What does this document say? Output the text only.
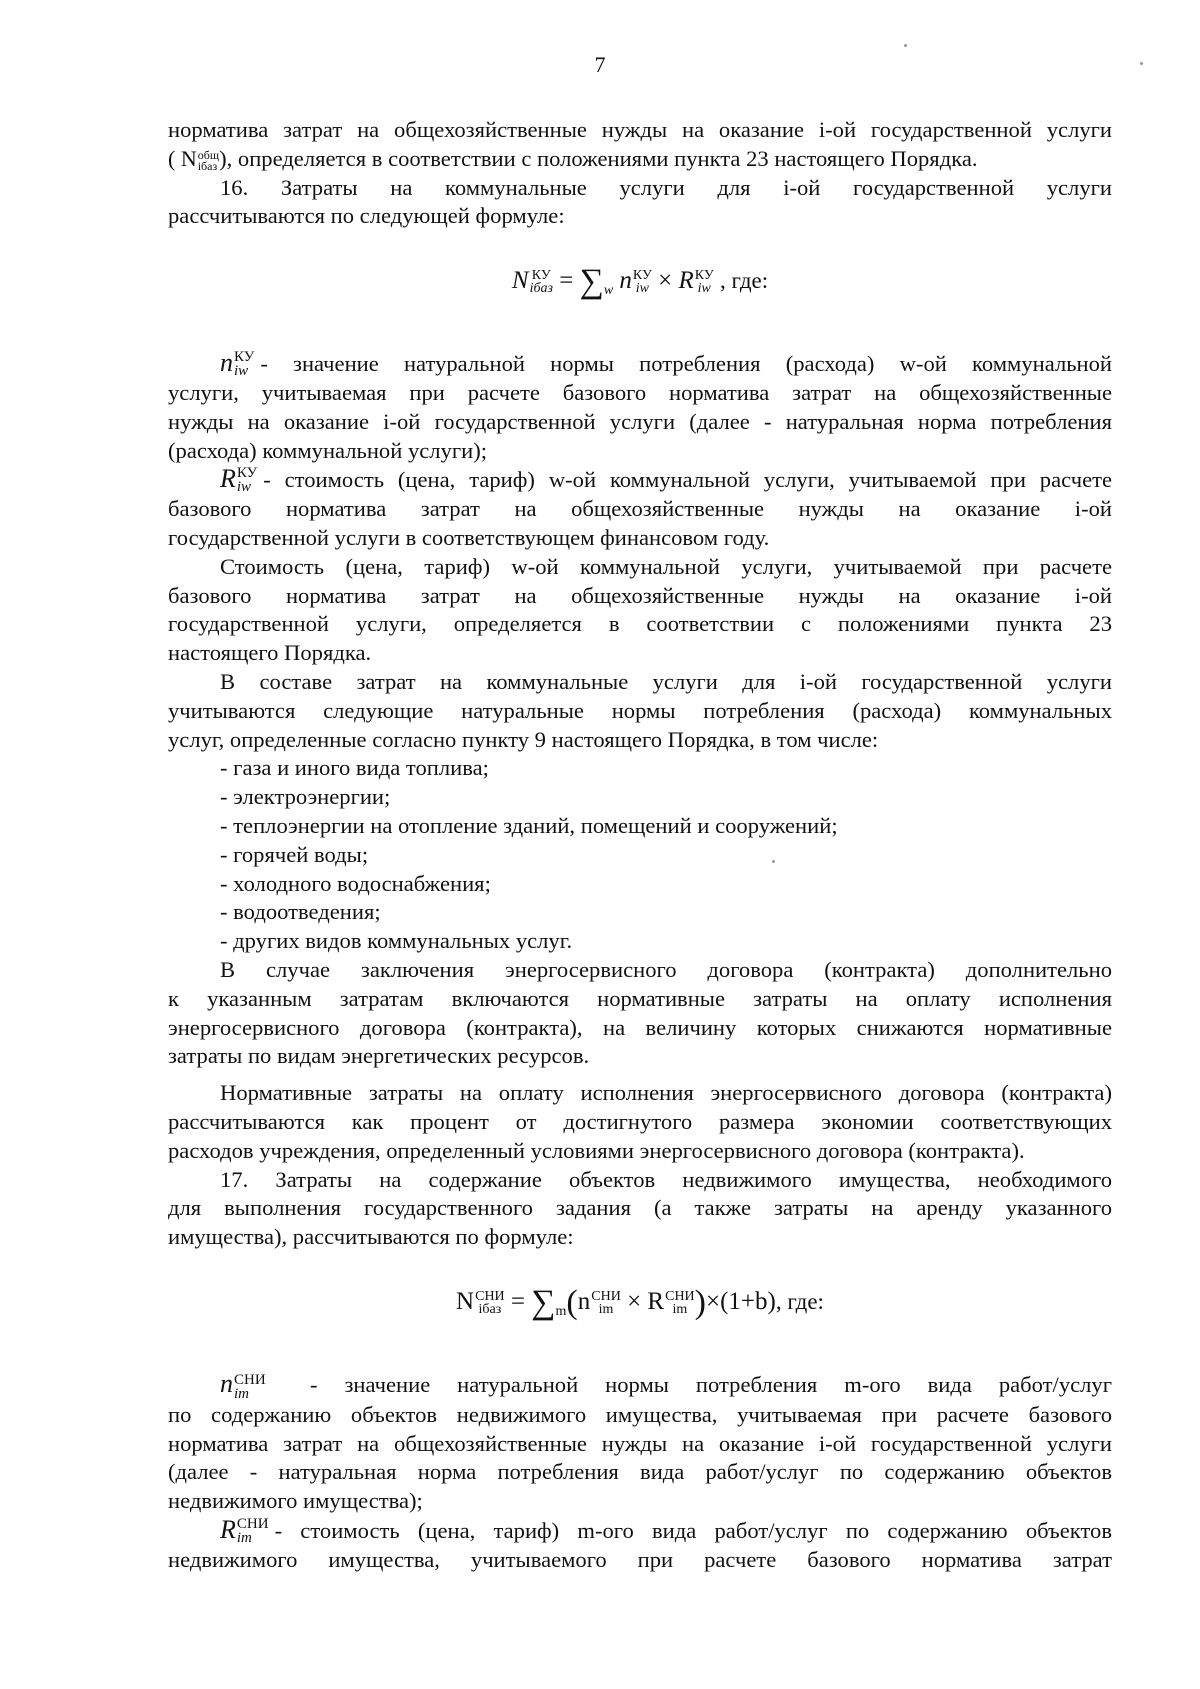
7

норматива затрат на общехозяйственные нужды на оказание i-ой государственной услуги

( N общ
iбаз ), определяется в соответствии с положениями пункта 23 настоящего Порядка.

16. Затраты на коммунальные услуги для i-ой государственной услуги

рассчитываются по следующей формуле:

N КУ
iбаз = $\sum_w$ n КУ
iw × R КУ
iw , где:

n КУ
iw - значение натуральной нормы потребления (расхода) w-ой коммунальной

услуги, учитываемая при расчете базового норматива затрат на общехозяйственные

нужды на оказание i-ой государственной услуги (далее - натуральная норма потребления

(расхода) коммунальной услуги);

R КУ
iw - стоимость (цена, тариф) w-ой коммунальной услуги, учитываемой при расчете

базового норматива затрат на общехозяйственные нужды на оказание i-ой

государственной услуги в соответствующем финансовом году.

Стоимость (цена, тариф) w-ой коммунальной услуги, учитываемой при расчете

базового норматива затрат на общехозяйственные нужды на оказание i-ой

государственной услуги, определяется в соответствии с положениями пункта 23

настоящего Порядка.

В составе затрат на коммунальные услуги для i-ой государственной услуги

учитываются следующие натуральные нормы потребления (расхода) коммунальных

услуг, определенные согласно пункту 9 настоящего Порядка, в том числе:

- газа и иного вида топлива;

- электроэнергии;

- теплоэнергии на отопление зданий, помещений и сооружений;

- горячей воды;

- холодного водоснабжения;

- водоотведения;

- других видов коммунальных услуг.

В случае заключения энергосервисного договора (контракта) дополнительно

к указанным затратам включаются нормативные затраты на оплату исполнения

энергосервисного договора (контракта), на величину которых снижаются нормативные

затраты по видам энергетических ресурсов.

Нормативные затраты на оплату исполнения энергосервисного договора (контракта)

рассчитываются как процент от достигнутого размера экономии соответствующих

расходов учреждения, определенный условиями энергосервисного договора (контракта).

17. Затраты на содержание объектов недвижимого имущества, необходимого

для выполнения государственного задания (а также затраты на аренду указанного

имущества), рассчитываются по формуле:

N СНИ
iбаз = $\sum_m(n$ СНИ
im × R СНИ
im )×(1+b), где:

n СНИ
im	- значение натуральной нормы потребления m-ого вида работ/услуг

по содержанию объектов недвижимого имущества, учитываемая при расчете базового

норматива затрат на общехозяйственные нужды на оказание i-ой государственной услуги

(далее - натуральная норма потребления вида работ/услуг по содержанию объектов

недвижимого имущества);

R СНИ
im	- стоимость (цена, тариф) m-ого вида работ/услуг по содержанию объектов

недвижимого имущества, учитываемого при расчете базового норматива затрат
